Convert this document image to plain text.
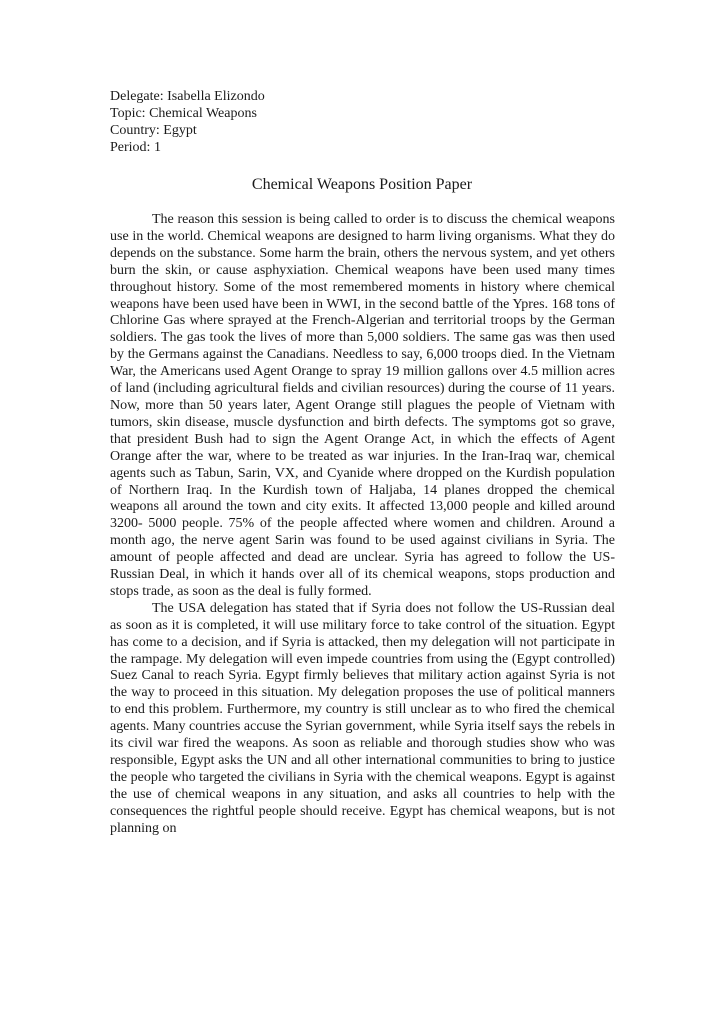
Delegate: Isabella Elizondo
Topic: Chemical Weapons
Country: Egypt
Period: 1
Chemical Weapons Position Paper

The reason this session is being called to order is to discuss the chemical weapons use in the world. Chemical weapons are designed to harm living organisms. What they do depends on the substance. Some harm the brain, others the nervous system, and yet others burn the skin, or cause asphyxiation. Chemical weapons have been used many times throughout history. Some of the most remembered moments in history where chemical weapons have been used have been in WWI, in the second battle of the Ypres. 168 tons of Chlorine Gas where sprayed at the French-Algerian and territorial troops by the German soldiers. The gas took the lives of more than 5,000 soldiers. The same gas was then used by the Germans against the Canadians. Needless to say, 6,000 troops died. In the Vietnam War, the Americans used Agent Orange to spray 19 million gallons over 4.5 million acres of land (including agricultural fields and civilian resources) during the course of 11 years. Now, more than 50 years later, Agent Orange still plagues the people of Vietnam with tumors, skin disease, muscle dysfunction and birth defects. The symptoms got so grave, that president Bush had to sign the Agent Orange Act, in which the effects of Agent Orange after the war, where to be treated as war injuries. In the Iran-Iraq war, chemical agents such as Tabun, Sarin, VX, and Cyanide where dropped on the Kurdish population of Northern Iraq. In the Kurdish town of Haljaba, 14 planes dropped the chemical weapons all around the town and city exits. It affected 13,000 people and killed around 3200- 5000 people. 75% of the people affected where women and children. Around a month ago, the nerve agent Sarin was found to be used against civilians in Syria. The amount of people affected and dead are unclear. Syria has agreed to follow the US-Russian Deal, in which it hands over all of its chemical weapons, stops production and stops trade, as soon as the deal is fully formed.

The USA delegation has stated that if Syria does not follow the US-Russian deal as soon as it is completed, it will use military force to take control of the situation. Egypt has come to a decision, and if Syria is attacked, then my delegation will not participate in the rampage. My delegation will even impede countries from using the (Egypt controlled) Suez Canal to reach Syria. Egypt firmly believes that military action against Syria is not the way to proceed in this situation. My delegation proposes the use of political manners to end this problem. Furthermore, my country is still unclear as to who fired the chemical agents. Many countries accuse the Syrian government, while Syria itself says the rebels in its civil war fired the weapons. As soon as reliable and thorough studies show who was responsible, Egypt asks the UN and all other international communities to bring to justice the people who targeted the civilians in Syria with the chemical weapons. Egypt is against the use of chemical weapons in any situation, and asks all countries to help with the consequences the rightful people should receive. Egypt has chemical weapons, but is not planning on
